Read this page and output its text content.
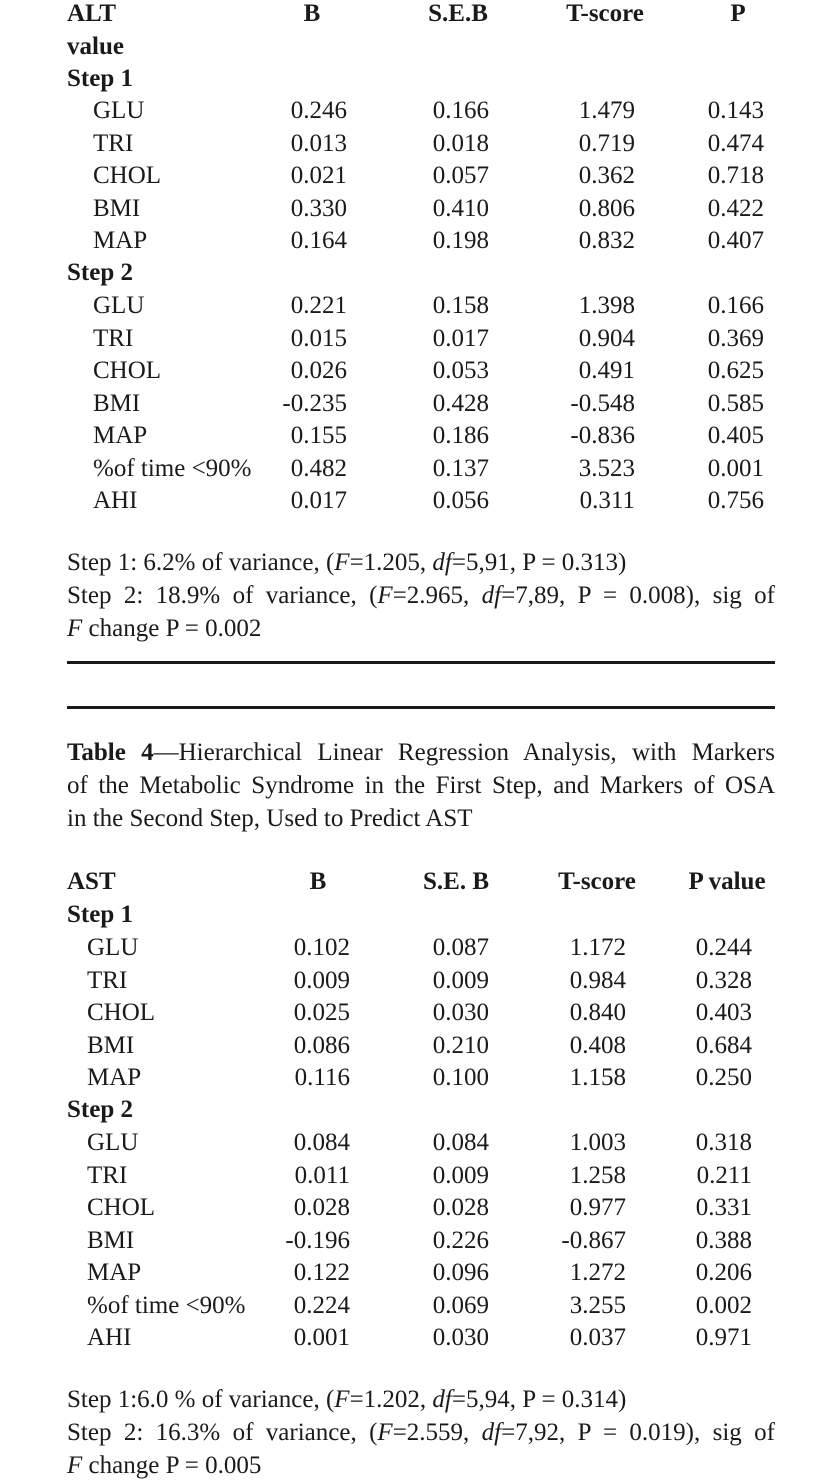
ALT
value
B	S.E.B	T-score	P
Step 1
GLU	0.246	0.166	1.479	0.143
TRI	0.013	0.018	0.719	0.474
CHOL	0.021	0.057	0.362	0.718
BMI	0.330	0.410	0.806	0.422
MAP	0.164	0.198	0.832	0.407
Step 2
GLU	0.221	0.158	1.398	0.166
TRI	0.015	0.017	0.904	0.369
CHOL	0.026	0.053	0.491	0.625
BMI	-0.235	0.428	-0.548	0.585
MAP	0.155	0.186	-0.836	0.405
%of time <90%	0.482	0.137	3.523	0.001
AHI	0.017	0.056	0.311	0.756
Step 1: 6.2% of variance, (F=1.205, df=5,91, P = 0.313)
Step 2: 18.9% of variance, (F=2.965, df=7,89, P = 0.008), sig of
F change P = 0.002
Table 4—Hierarchical Linear Regression Analysis, with Markers
of the Metabolic Syndrome in the First Step, and Markers of OSA
in the Second Step, Used to Predict AST
AST	B	S.E. B	T-score	P value
Step 1
GLU	0.102	0.087	1.172	0.244
TRI	0.009	0.009	0.984	0.328
CHOL	0.025	0.030	0.840	0.403
BMI	0.086	0.210	0.408	0.684
MAP	0.116	0.100	1.158	0.250
Step 2
GLU	0.084	0.084	1.003	0.318
TRI	0.011	0.009	1.258	0.211
CHOL	0.028	0.028	0.977	0.331
BMI	-0.196	0.226	-0.867	0.388
MAP	0.122	0.096	1.272	0.206
%of time <90%	0.224	0.069	3.255	0.002
AHI	0.001	0.030	0.037	0.971
Step 1:6.0 % of variance, (F=1.202, df=5,94, P = 0.314)
Step 2: 16.3% of variance, (F=2.559, df=7,92, P = 0.019), sig of
F change P = 0.005
